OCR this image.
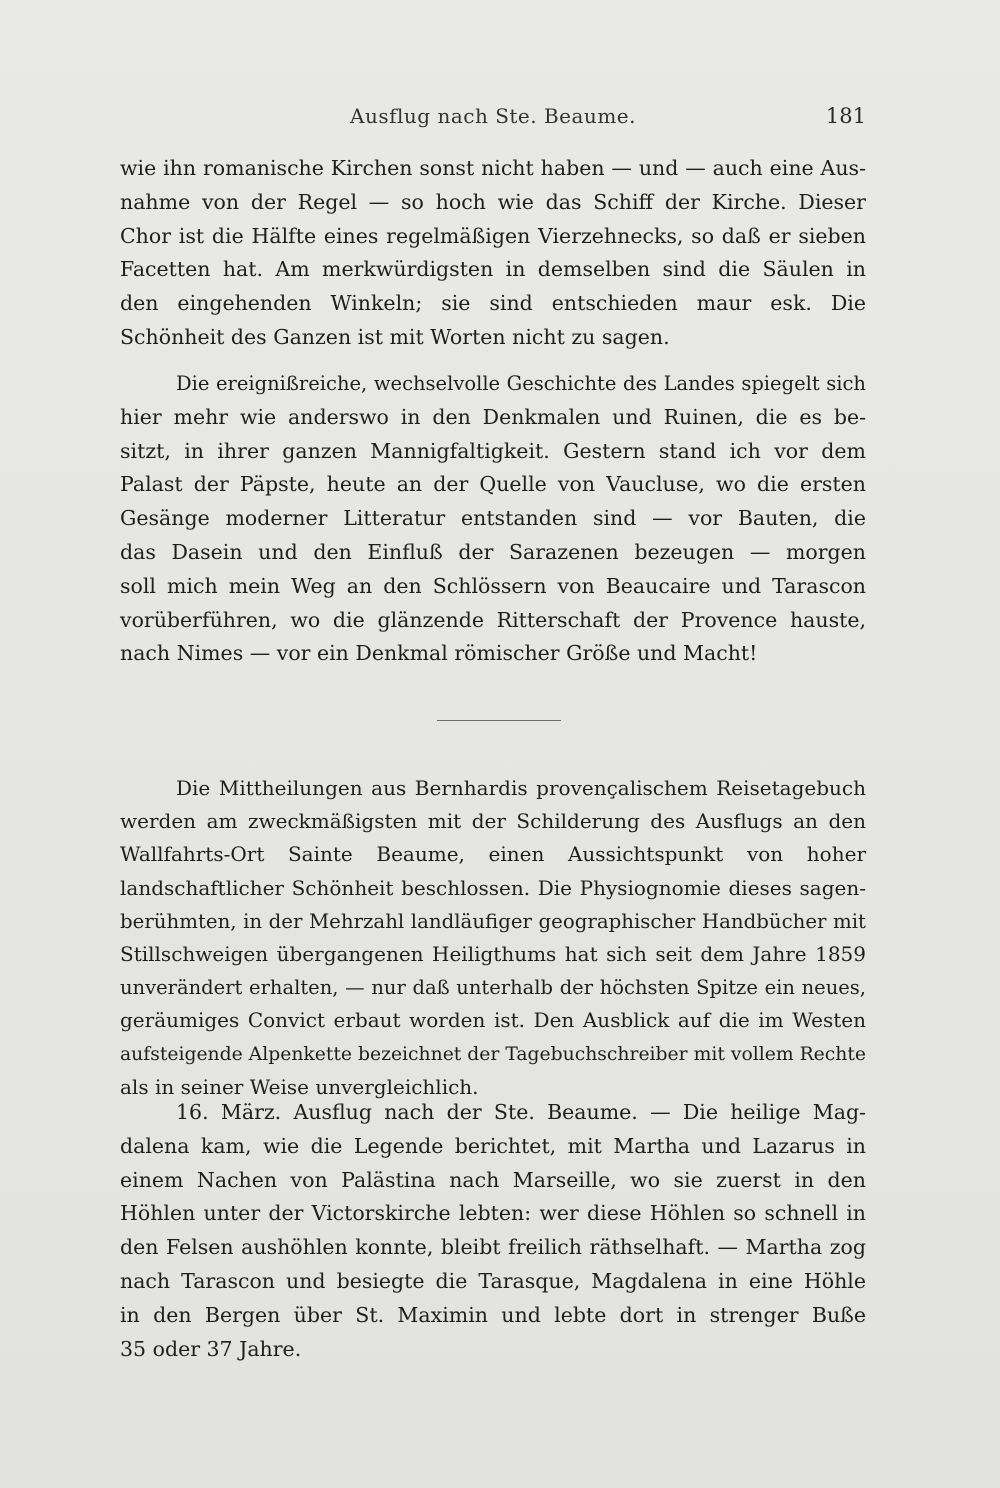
Ausflug nach Ste. Beaume.	181
wie ihn romanische Kirchen sonst nicht haben — und — auch eine Aus-
nahme von der Regel — so hoch wie das Schiff der Kirche. Dieser
Chor ist die Hälfte eines regelmäßigen Vierzehnecks, so daß er sieben
Facetten hat. Am merkwürdigsten in demselben sind die Säulen in
den eingehenden Winkeln; sie sind entschieden maur esk. Die
Schönheit des Ganzen ist mit Worten nicht zu sagen.
Die ereignißreiche, wechselvolle Geschichte des Landes spiegelt sich
hier mehr wie anderswo in den Denkmalen und Ruinen, die es be-
sitzt, in ihrer ganzen Mannigfaltigkeit. Gestern stand ich vor dem
Palast der Päpste, heute an der Quelle von Vaucluse, wo die ersten
Gesänge moderner Litteratur entstanden sind — vor Bauten, die
das Dasein und den Einfluß der Sarazenen bezeugen — morgen
soll mich mein Weg an den Schlössern von Beaucaire und Tarascon
vorüberführen, wo die glänzende Ritterschaft der Provence hauste,
nach Nimes — vor ein Denkmal römischer Größe und Macht!
Die Mittheilungen aus Bernhardis provençalischem Reisetagebuch
werden am zweckmäßigsten mit der Schilderung des Ausflugs an den
Wallfahrts-Ort Sainte Beaume, einen Aussichtspunkt von hoher
landschaftlicher Schönheit beschlossen. Die Physiognomie dieses sagen-
berühmten, in der Mehrzahl landläufiger geographischer Handbücher mit
Stillschweigen übergangenen Heiligthums hat sich seit dem Jahre 1859
unverändert erhalten, — nur daß unterhalb der höchsten Spitze ein neues,
geräumiges Convict erbaut worden ist. Den Ausblick auf die im Westen
aufsteigende Alpenkette bezeichnet der Tagebuchschreiber mit vollem Rechte
als in seiner Weise unvergleichlich.
16. März. Ausflug nach der Ste. Beaume. — Die heilige Mag-
dalena kam, wie die Legende berichtet, mit Martha und Lazarus in
einem Nachen von Palästina nach Marseille, wo sie zuerst in den
Höhlen unter der Victorskirche lebten: wer diese Höhlen so schnell in
den Felsen aushöhlen konnte, bleibt freilich räthselhaft. — Martha zog
nach Tarascon und besiegte die Tarasque, Magdalena in eine Höhle
in den Bergen über St. Maximin und lebte dort in strenger Buße
35 oder 37 Jahre.
